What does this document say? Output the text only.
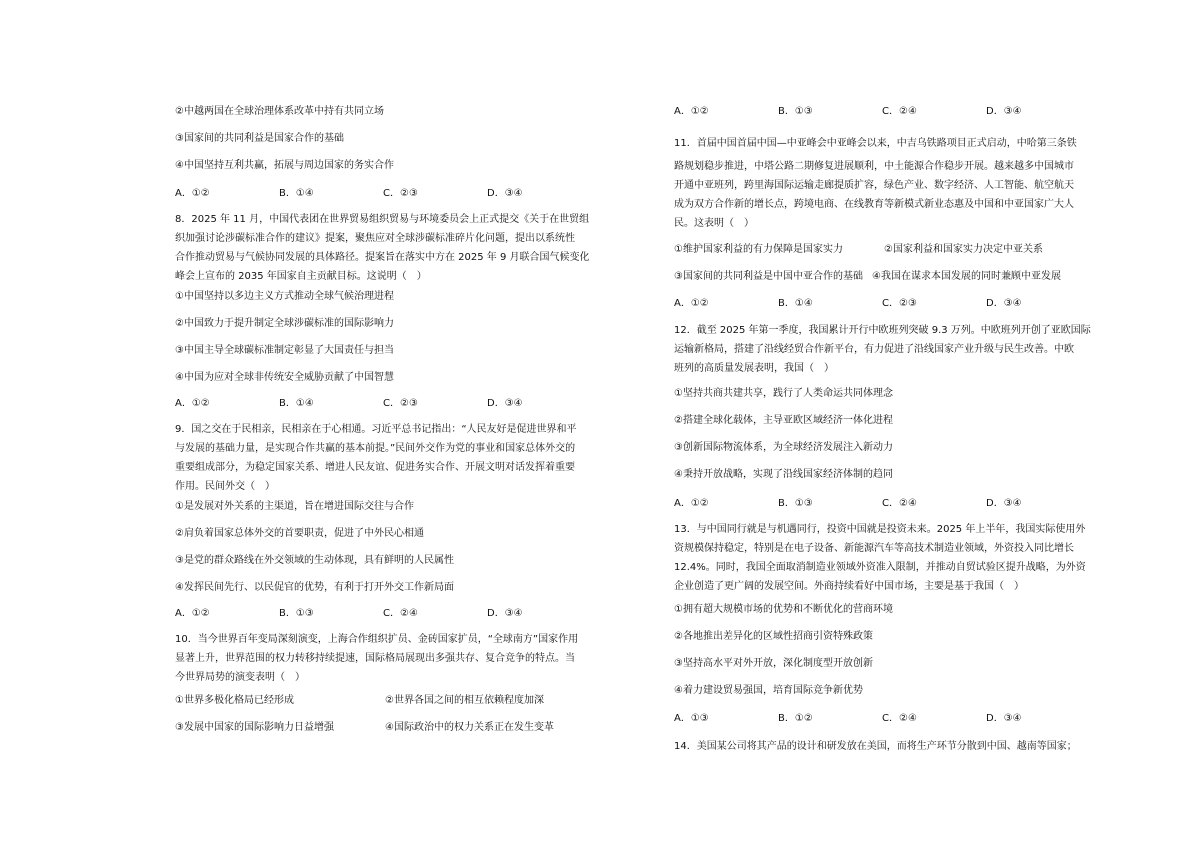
②中越两国在全球治理体系改革中持有共同立场
③国家间的共同利益是国家合作的基础
④中国坚持互利共赢，拓展与周边国家的务实合作
A．①②	B．①④	C．②③	D．③④
8．2025 年 11 月，中国代表团在世界贸易组织贸易与环境委员会上正式提交《关于在世贸组
织加强讨论涉碳标准合作的建议》提案，聚焦应对全球涉碳标准碎片化问题，提出以系统性
合作推动贸易与气候协同发展的具体路径。提案旨在落实中方在 2025 年 9 月联合国气候变化
峰会上宣布的 2035 年国家自主贡献目标。这说明（　）
①中国坚持以多边主义方式推动全球气候治理进程
②中国致力于提升制定全球涉碳标准的国际影响力
③中国主导全球碳标准制定彰显了大国责任与担当
④中国为应对全球非传统安全威胁贡献了中国智慧
A．①②	B．①④	C．②③	D．③④
9．国之交在于民相亲，民相亲在于心相通。习近平总书记指出：“人民友好是促进世界和平
与发展的基础力量，是实现合作共赢的基本前提。”民间外交作为党的事业和国家总体外交的
重要组成部分，为稳定国家关系、增进人民友谊、促进务实合作、开展文明对话发挥着重要
作用。民间外交（　）
①是发展对外关系的主渠道，旨在增进国际交往与合作
②肩负着国家总体外交的首要职责，促进了中外民心相通
③是党的群众路线在外交领域的生动体现，具有鲜明的人民属性
④发挥民间先行、以民促官的优势，有利于打开外交工作新局面
A．①②	B．①③	C．②④	D．③④
10．当今世界百年变局深刻演变，上海合作组织扩员、金砖国家扩员，“全球南方”国家作用
显著上升，世界范围的权力转移持续提速，国际格局展现出多强共存、复合竞争的特点。当
今世界局势的演变表明（　）
①世界多极化格局已经形成	②世界各国之间的相互依赖程度加深
③发展中国家的国际影响力日益增强	④国际政治中的权力关系正在发生变革
A．①②	B．①③	C．②④	D．③④
11．首届中国首届中国—中亚峰会中亚峰会以来，中吉乌铁路项目正式启动，中哈第三条铁
路规划稳步推进，中塔公路二期修复进展顺利，中土能源合作稳步开展。越来越多中国城市
开通中亚班列，跨里海国际运输走廊提质扩容，绿色产业、数字经济、人工智能、航空航天
成为双方合作新的增长点，跨境电商、在线教育等新模式新业态惠及中国和中亚国家广大人
民。这表明（　）
①维护国家利益的有力保障是国家实力	②国家利益和国家实力决定中亚关系
③国家间的共同利益是中国中亚合作的基础 ④我国在谋求本国发展的同时兼顾中亚发展
A．①②	B．①④	C．②③	D．③④
12．截至 2025 年第一季度，我国累计开行中欧班列突破 9.3 万列。中欧班列开创了亚欧国际
运输新格局，搭建了沿线经贸合作新平台，有力促进了沿线国家产业升级与民生改善。中欧
班列的高质量发展表明，我国（　）
①坚持共商共建共享，践行了人类命运共同体理念
②搭建全球化载体，主导亚欧区域经济一体化进程
③创新国际物流体系，为全球经济发展注入新动力
④秉持开放战略，实现了沿线国家经济体制的趋同
A．①②	B．①③	C．②④	D．③④
13．与中国同行就是与机遇同行，投资中国就是投资未来。2025 年上半年，我国实际使用外
资规模保持稳定，特别是在电子设备、新能源汽车等高技术制造业领域，外资投入同比增长
12.4%。同时，我国全面取消制造业领域外资准入限制，并推动自贸试验区提升战略，为外资
企业创造了更广阔的发展空间。外商持续看好中国市场，主要是基于我国（　）
①拥有超大规模市场的优势和不断优化的营商环境
②各地推出差异化的区域性招商引资特殊政策
③坚持高水平对外开放，深化制度型开放创新
④着力建设贸易强国，培育国际竞争新优势
A．①③	B．①②	C．②④	D．③④
14．美国某公司将其产品的设计和研发放在美国，而将生产环节分散到中国、越南等国家；
